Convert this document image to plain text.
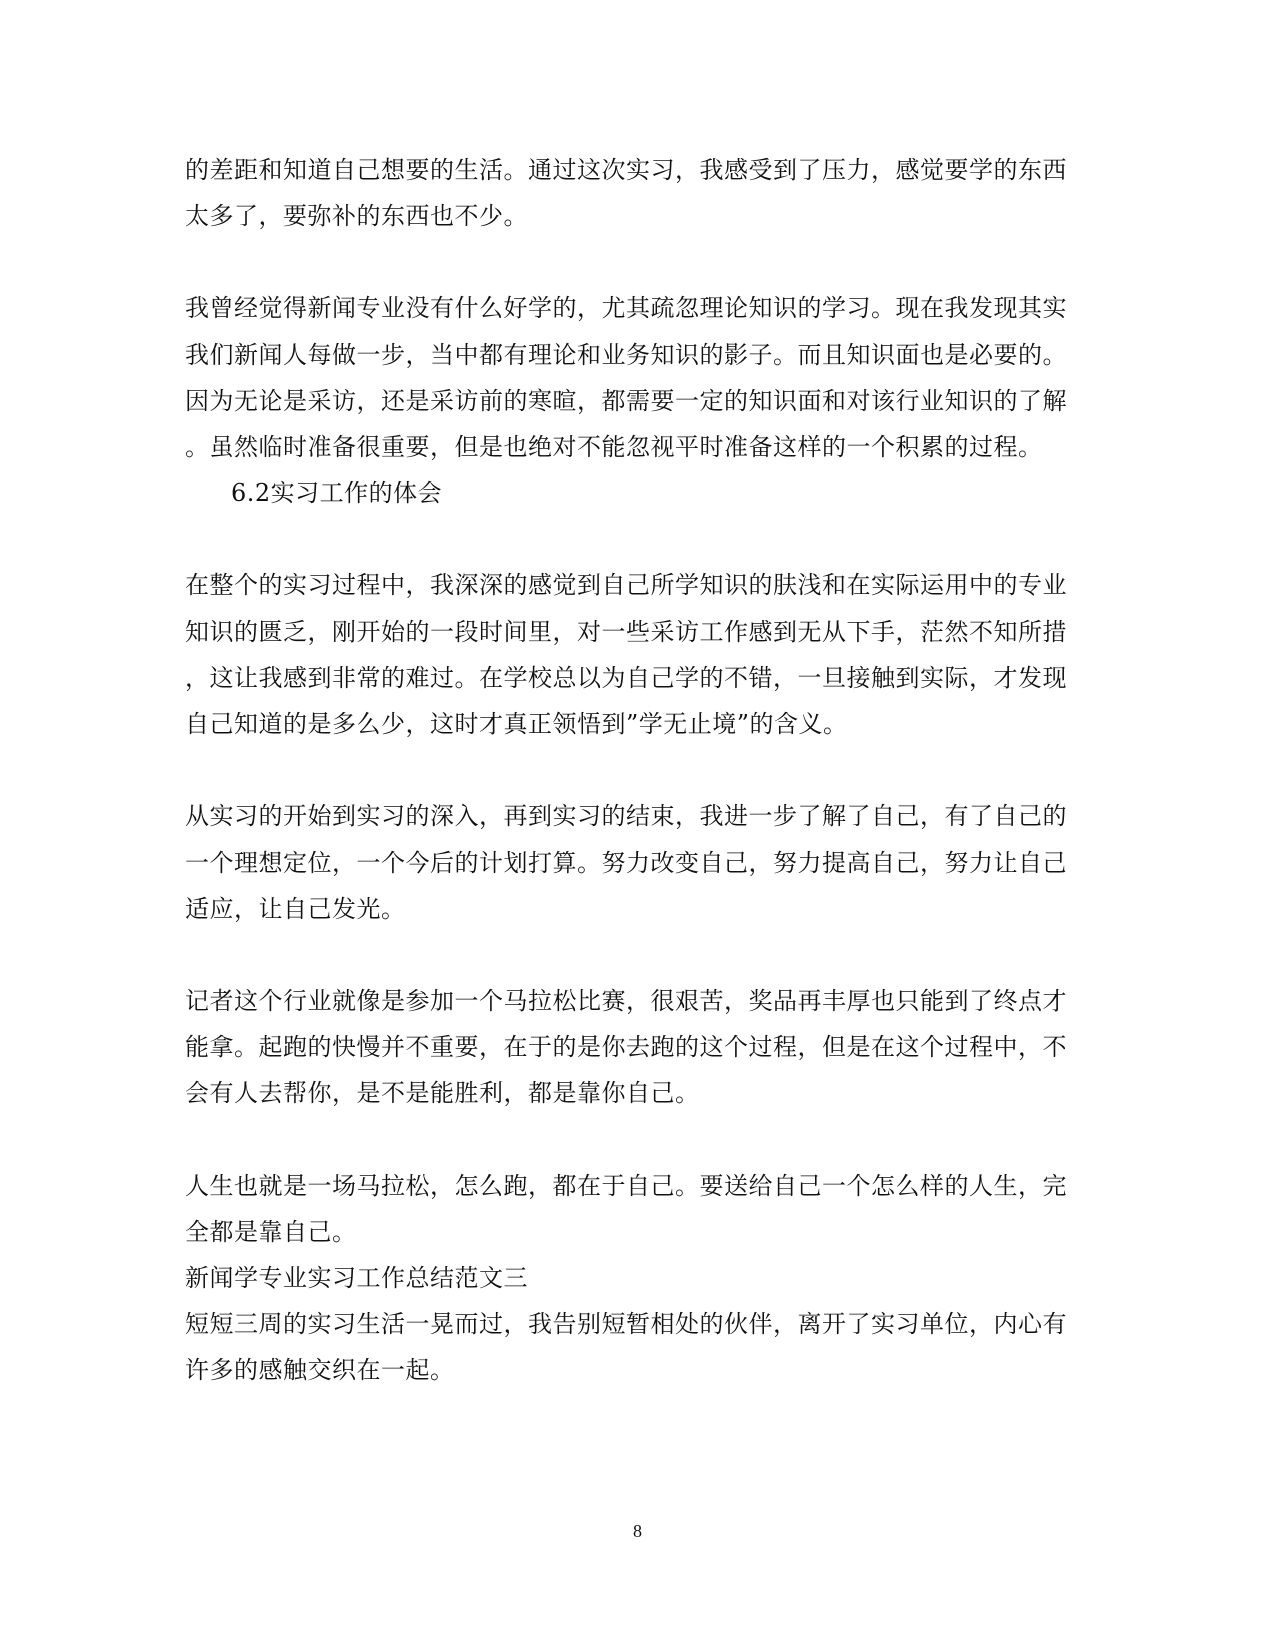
的差距和知道自己想要的生活。通过这次实习，我感受到了压力，感觉要学的东西
太多了，要弥补的东西也不少。
我曾经觉得新闻专业没有什么好学的，尤其疏忽理论知识的学习。现在我发现其实
我们新闻人每做一步，当中都有理论和业务知识的影子。而且知识面也是必要的。
因为无论是采访，还是采访前的寒暄，都需要一定的知识面和对该行业知识的了解
。虽然临时准备很重要，但是也绝对不能忽视平时准备这样的一个积累的过程。
6.2实习工作的体会
在整个的实习过程中，我深深的感觉到自己所学知识的肤浅和在实际运用中的专业
知识的匮乏，刚开始的一段时间里，对一些采访工作感到无从下手，茫然不知所措
，这让我感到非常的难过。在学校总以为自己学的不错，一旦接触到实际，才发现
自己知道的是多么少，这时才真正领悟到”学无止境”的含义。
从实习的开始到实习的深入，再到实习的结束，我进一步了解了自己，有了自己的
一个理想定位，一个今后的计划打算。努力改变自己，努力提高自己，努力让自己
适应，让自己发光。
记者这个行业就像是参加一个马拉松比赛，很艰苦，奖品再丰厚也只能到了终点才
能拿。起跑的快慢并不重要，在于的是你去跑的这个过程，但是在这个过程中，不
会有人去帮你，是不是能胜利，都是靠你自己。
人生也就是一场马拉松，怎么跑，都在于自己。要送给自己一个怎么样的人生，完
全都是靠自己。
新闻学专业实习工作总结范文三
短短三周的实习生活一晃而过，我告别短暂相处的伙伴，离开了实习单位，内心有
许多的感触交织在一起。
8
